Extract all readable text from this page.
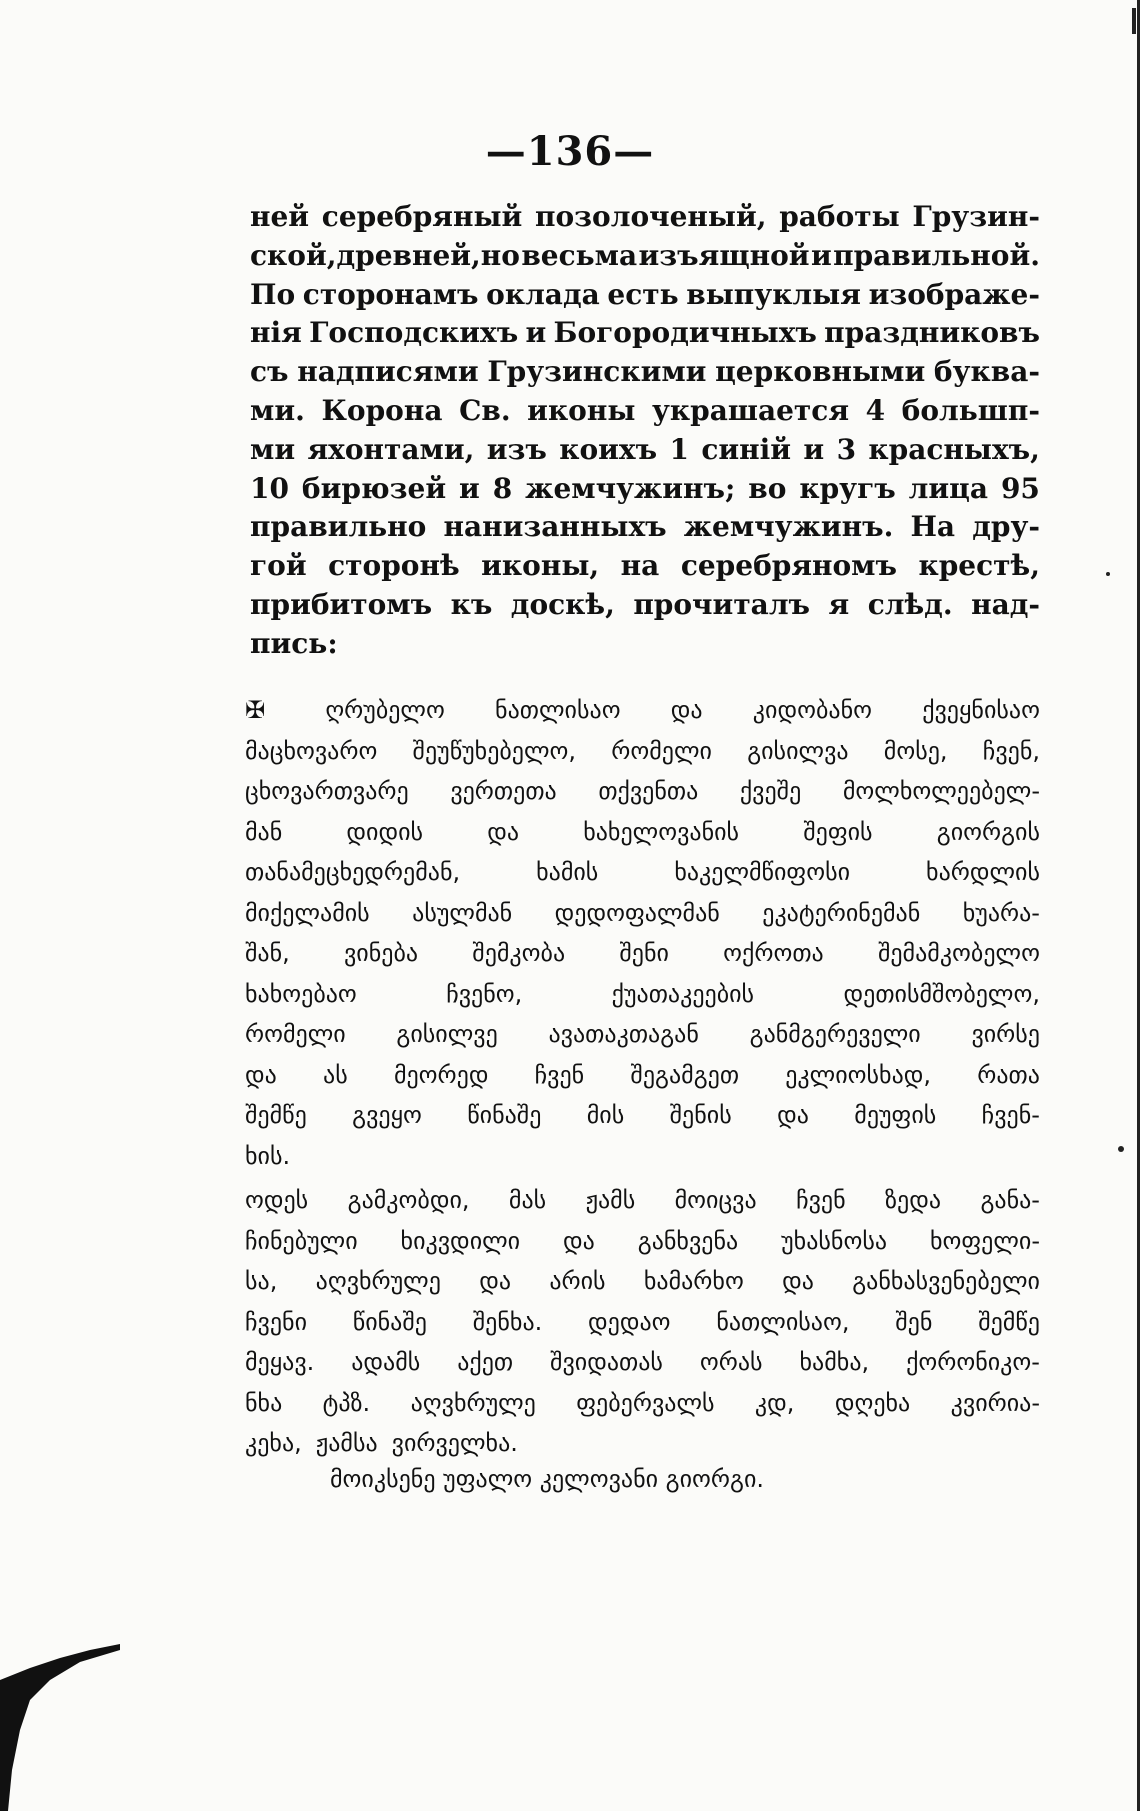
—136—
ней серебряный позолоченый, работы Грузин-
ской,древней,но весьма изъящной и правильной.
По сторонамъ оклада есть выпуклыя изображе-
нія Господскихъ и Богородичныхъ праздниковъ
съ надписями Грузинскими церковными буква-
ми. Корона Св. иконы украшается 4 большп-
ми яхонтами, изъ коихъ 1 синій и 3 красныхъ,
10 бирюзей и 8 жемчужинъ; во кругъ лица 95
правильно нанизанныхъ жемчужинъ. На дру-
гой сторонѣ иконы, на серебряномъ крестѣ,
прибитомъ къ доскѣ, прочиталъ я слѣд. над-
пись:
✠	ღრუბელო ნათლისაო და კიდობანო ქვეყნისაო
მაცხოვარო შეუწუხებელო, რომელი გისილვა მოსე, ჩვენ,
ცხოვართვარე ვერთეთა თქვენთა ქვეშე მოლხოლეებელ-
მან	დიდის	და	ხახელოვანის	შეფის	გიორგის
თანამეცხედრემან,	ხამის	ხაკელმწიფოსი	ხარდლის
მიქელამის ასულმან დედოფალმან ეკატერინემან ხუარა-
შან, ვინება შემკობა შენი ოქროთა შემამკობელო
ხახოებაო	ჩვენო,	ქუათაკეების	დეთისმშობელო,
რომელი გისილვე ავათაკთაგან განმგერეველი ვირსე
და ას მეორედ ჩვენ შეგამგეთ ეკლიოსხად, რათა
შემწე გვეყო წინაშე მის შენის და მეუფის ჩვენ-
ხის.
ოდეს გამკობდი, მას ჟამს მოიცვა ჩვენ ზედა განა-
ჩინებული ხიკვდილი და განხვენა უხასნოსა ხოფელი-
სა, აღვხრულე და არის ხამარხო და განხასვენებელი
ჩვენი წინაშე შენხა. დედაო ნათლისაო, შენ შემწე
მეყავ. ადამს აქეთ შვიდათას ორას ხამხა, ქორონიკო-
ნხა ტპზ. აღვხრულე ფებერვალს კდ, დღეხა კვირია-
კეხა, ჟამსა ვირველხა.
მოიკსენე უფალო კელოვანი გიორგი.
